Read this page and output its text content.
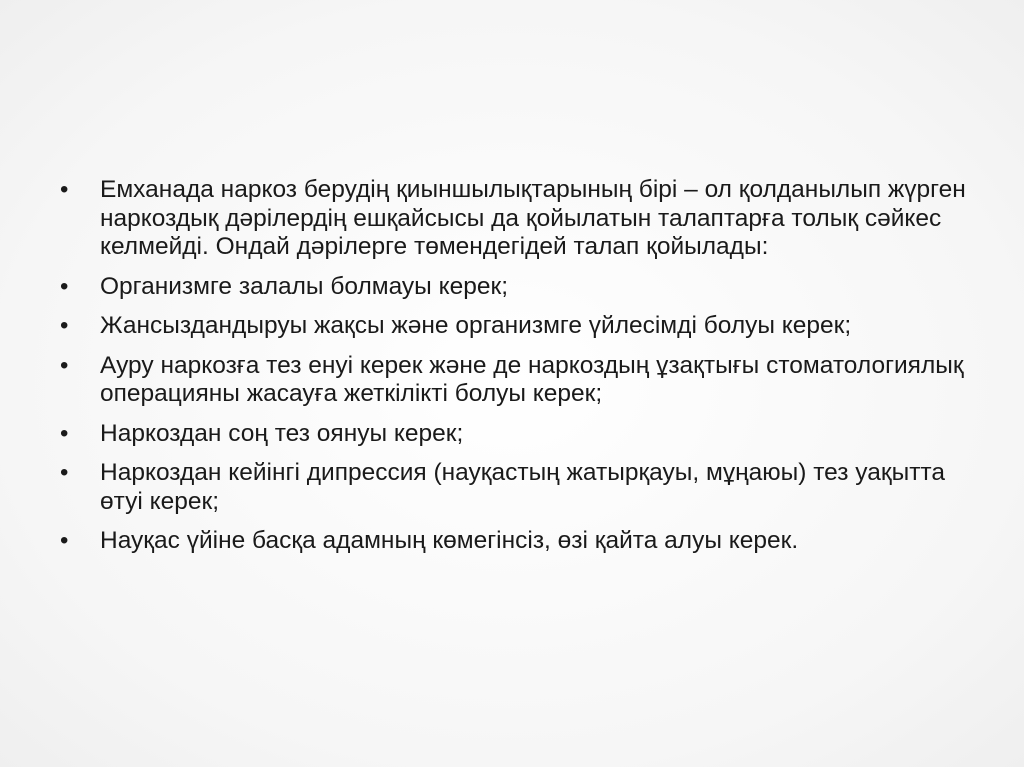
• Емханада наркоз берудің қиыншылықтарының бірі – ол қолданылып жүрген наркоздық дәрілердің ешқайсысы да қойылатын талаптарға толық сәйкес келмейді. Ондай дәрілерге төмендегідей талап қойылады:
• Организмге залалы болмауы керек;
• Жансыздандыруы жақсы және организмге үйлесімді болуы керек;
• Ауру наркозға тез енуі керек және де наркоздың ұзақтығы стоматологиялық операцияны жасауға жеткілікті болуы керек;
• Наркоздан соң тез оянуы керек;
• Наркоздан кейінгі дипрессия (науқастың жатырқауы, мұңаюы) тез уақытта өтуі керек;
• Науқас үйіне басқа адамның көмегінсіз, өзі қайта алуы керек.
